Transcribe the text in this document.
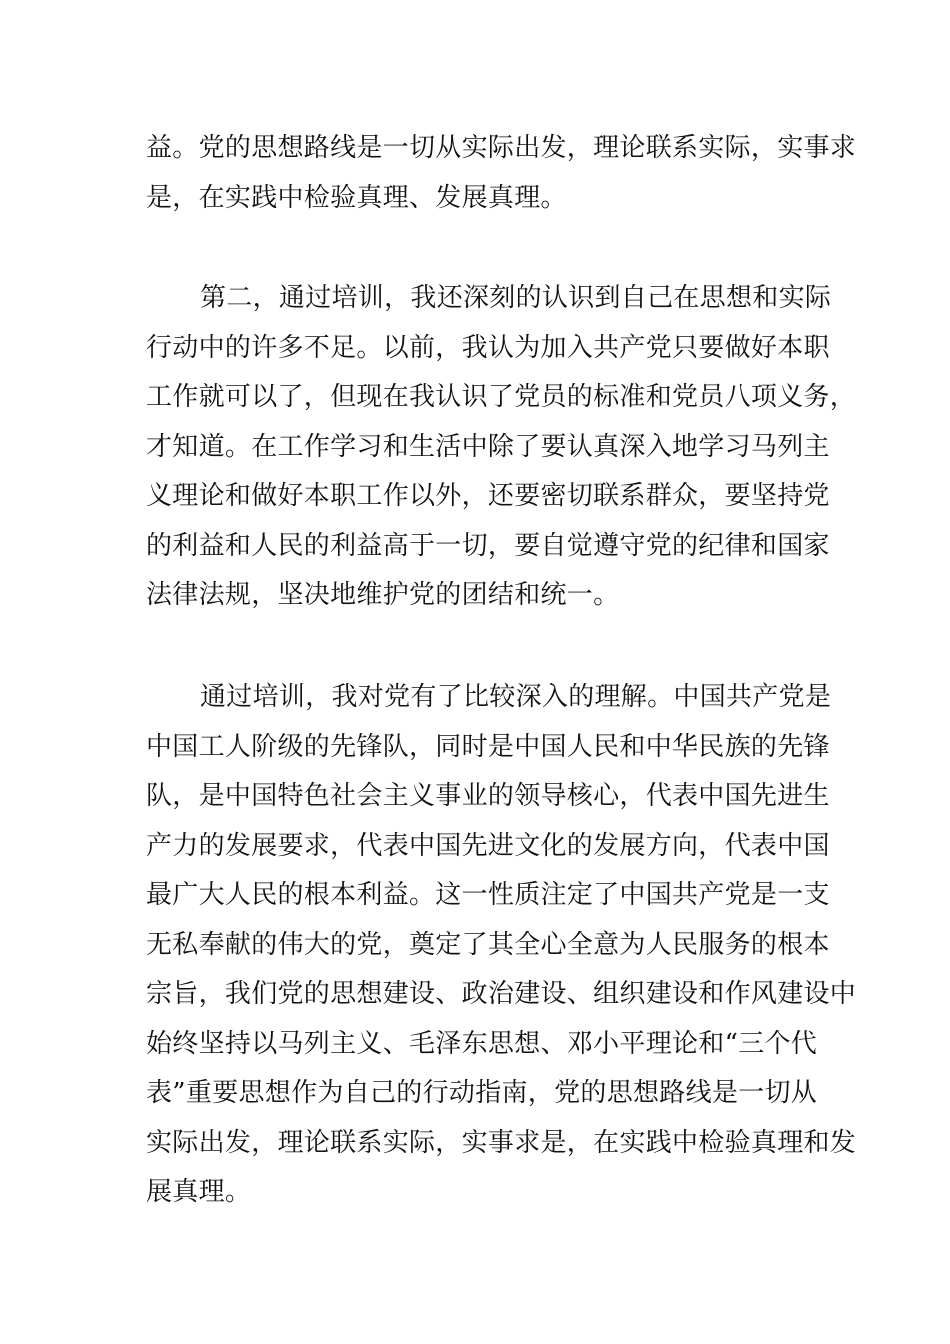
益。党的思想路线是一切从实际出发，理论联系实际，实事求
是，在实践中检验真理、发展真理。
第二，通过培训，我还深刻的认识到自己在思想和实际
行动中的许多不足。以前，我认为加入共产党只要做好本职
工作就可以了，但现在我认识了党员的标准和党员八项义务，
才知道。在工作学习和生活中除了要认真深入地学习马列主
义理论和做好本职工作以外，还要密切联系群众，要坚持党
的利益和人民的利益高于一切，要自觉遵守党的纪律和国家
法律法规，坚决地维护党的团结和统一。
通过培训，我对党有了比较深入的理解。中国共产党是
中国工人阶级的先锋队，同时是中国人民和中华民族的先锋
队，是中国特色社会主义事业的领导核心，代表中国先进生
产力的发展要求，代表中国先进文化的发展方向，代表中国
最广大人民的根本利益。这一性质注定了中国共产党是一支
无私奉献的伟大的党，奠定了其全心全意为人民服务的根本
宗旨，我们党的思想建设、政治建设、组织建设和作风建设中
始终坚持以马列主义、毛泽东思想、邓小平理论和“三个代
表”重要思想作为自己的行动指南，党的思想路线是一切从
实际出发，理论联系实际，实事求是，在实践中检验真理和发
展真理。
